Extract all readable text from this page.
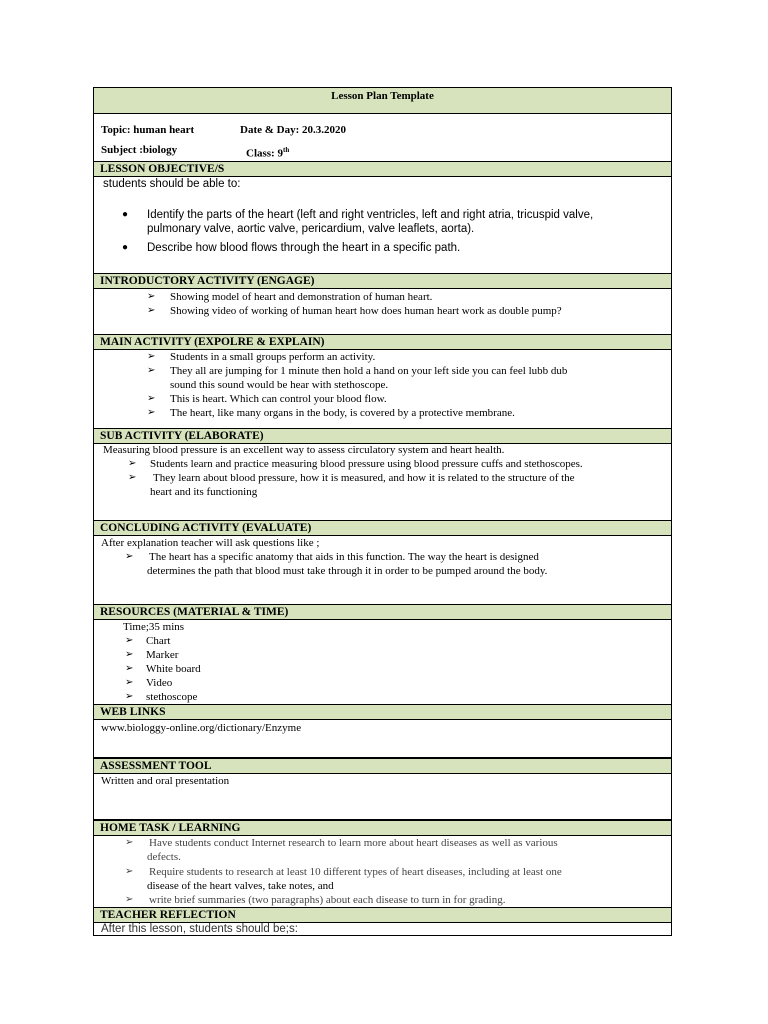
Lesson Plan Template
Topic: human heart	Date & Day: 20.3.2020
Subject :biology	Class: 9th
LESSON OBJECTIVE/S
students should be able to:
● Identify the parts of the heart (left and right ventricles, left and right atria, tricuspid valve,
pulmonary valve, aortic valve, pericardium, valve leaflets, aorta).
● Describe how blood flows through the heart in a specific path.
INTRODUCTORY ACTIVITY (ENGAGE)
➢ Showing model of heart and demonstration of human heart.
➢ Showing video of working of human heart how does human heart work as double pump?
MAIN ACTIVITY (EXPOLRE & EXPLAIN)
➢ Students in a small groups perform an activity.
➢ They all are jumping for 1 minute then hold a hand on your left side you can feel lubb dub
sound this sound would be hear with stethoscope.
➢ This is heart. Which can control your blood flow.
➢ The heart, like many organs in the body, is covered by a protective membrane.
SUB ACTIVITY (ELABORATE)
Measuring blood pressure is an excellent way to assess circulatory system and heart health.
➢ Students learn and practice measuring blood pressure using blood pressure cuffs and stethoscopes.
➢ They learn about blood pressure, how it is measured, and how it is related to the structure of the
heart and its functioning
CONCLUDING ACTIVITY (EVALUATE)
After explanation teacher will ask questions like ;
➢ The heart has a specific anatomy that aids in this function. The way the heart is designed
determines the path that blood must take through it in order to be pumped around the body.
RESOURCES (MATERIAL & TIME)
Time;35 mins
➢ Chart
➢ Marker
➢ White board
➢ Video
➢ stethoscope
WEB LINKS
www.biologgy-online.org/dictionary/Enzyme
ASSESSMENT TOOL
Written and oral presentation
HOME TASK / LEARNING
➢ Have students conduct Internet research to learn more about heart diseases as well as various
defects.
➢ Require students to research at least 10 different types of heart diseases, including at least one
disease of the heart valves, take notes, and
➢ write brief summaries (two paragraphs) about each disease to turn in for grading.
TEACHER REFLECTION
After this lesson, students should be;s:
